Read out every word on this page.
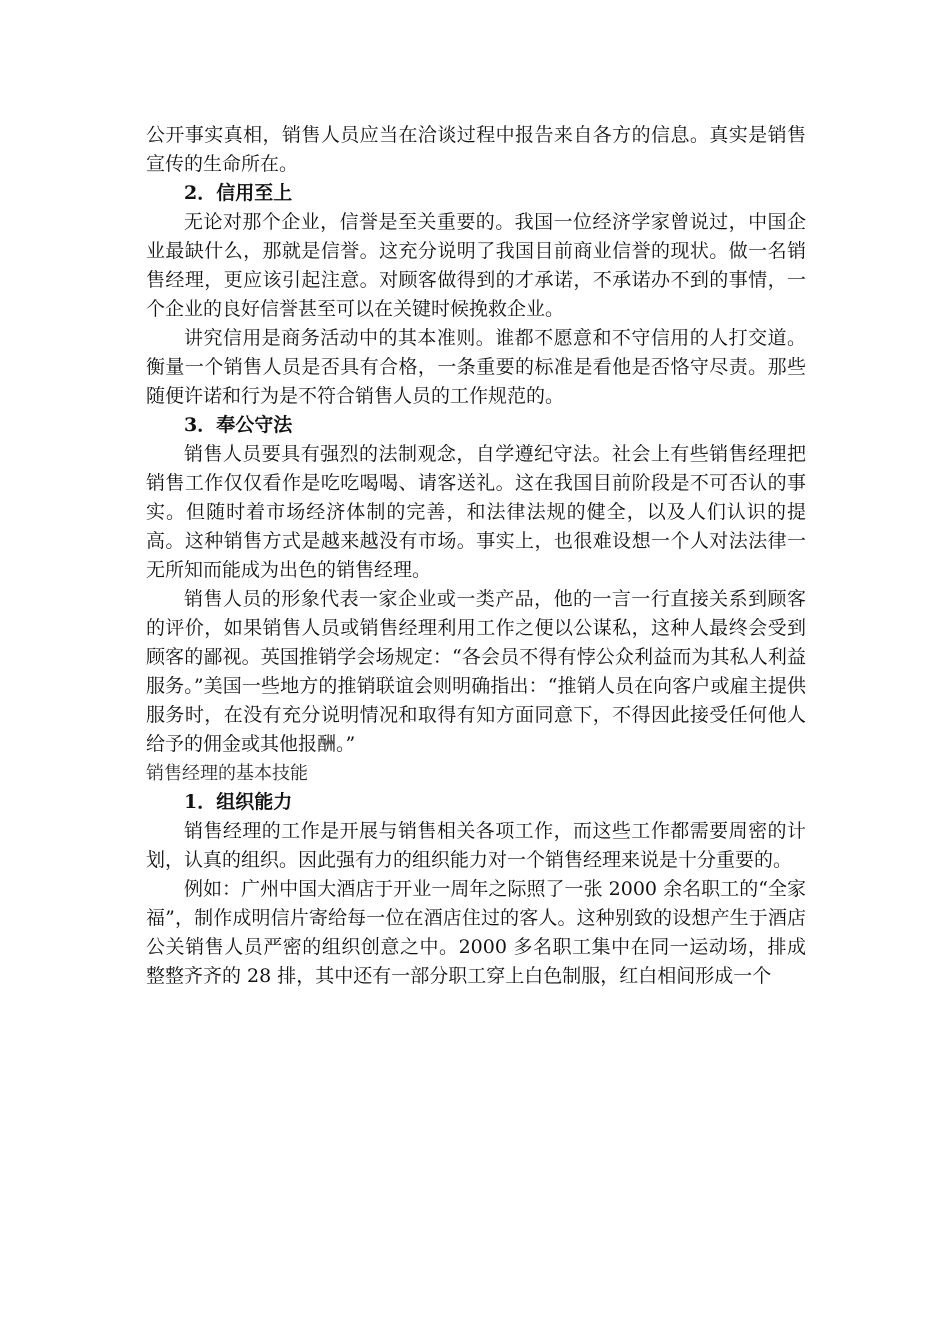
公开事实真相，销售人员应当在洽谈过程中报告来自各方的信息。真实是销售宣传的生命所在。

2．信用至上

无论对那个企业，信誉是至关重要的。我国一位经济学家曾说过，中国企业最缺什么，那就是信誉。这充分说明了我国目前商业信誉的现状。做一名销售经理，更应该引起注意。对顾客做得到的才承诺，不承诺办不到的事情，一个企业的良好信誉甚至可以在关键时候挽救企业。

讲究信用是商务活动中的其本准则。谁都不愿意和不守信用的人打交道。衡量一个销售人员是否具有合格，一条重要的标准是看他是否恪守尽责。那些随便许诺和行为是不符合销售人员的工作规范的。

3．奉公守法

销售人员要具有强烈的法制观念，自学遵纪守法。社会上有些销售经理把销售工作仅仅看作是吃吃喝喝、请客送礼。这在我国目前阶段是不可否认的事实。但随时着市场经济体制的完善，和法律法规的健全，以及人们认识的提高。这种销售方式是越来越没有市场。事实上，也很难设想一个人对法法律一无所知而能成为出色的销售经理。

销售人员的形象代表一家企业或一类产品，他的一言一行直接关系到顾客的评价，如果销售人员或销售经理利用工作之便以公谋私，这种人最终会受到顾客的鄙视。英国推销学会场规定：“各会员不得有悖公众利益而为其私人利益服务。”美国一些地方的推销联谊会则明确指出：“推销人员在向客户或雇主提供服务时，在没有充分说明情况和取得有知方面同意下，不得因此接受任何他人给予的佣金或其他报酬。”

销售经理的基本技能

1．组织能力

销售经理的工作是开展与销售相关各项工作，而这些工作都需要周密的计划，认真的组织。因此强有力的组织能力对一个销售经理来说是十分重要的。

例如：广州中国大酒店于开业一周年之际照了一张 2000 余名职工的“全家福”，制作成明信片寄给每一位在酒店住过的客人。这种别致的设想产生于酒店公关销售人员严密的组织创意之中。2000 多名职工集中在同一运动场，排成整整齐齐的 28 排，其中还有一部分职工穿上白色制服，红白相间形成一个
